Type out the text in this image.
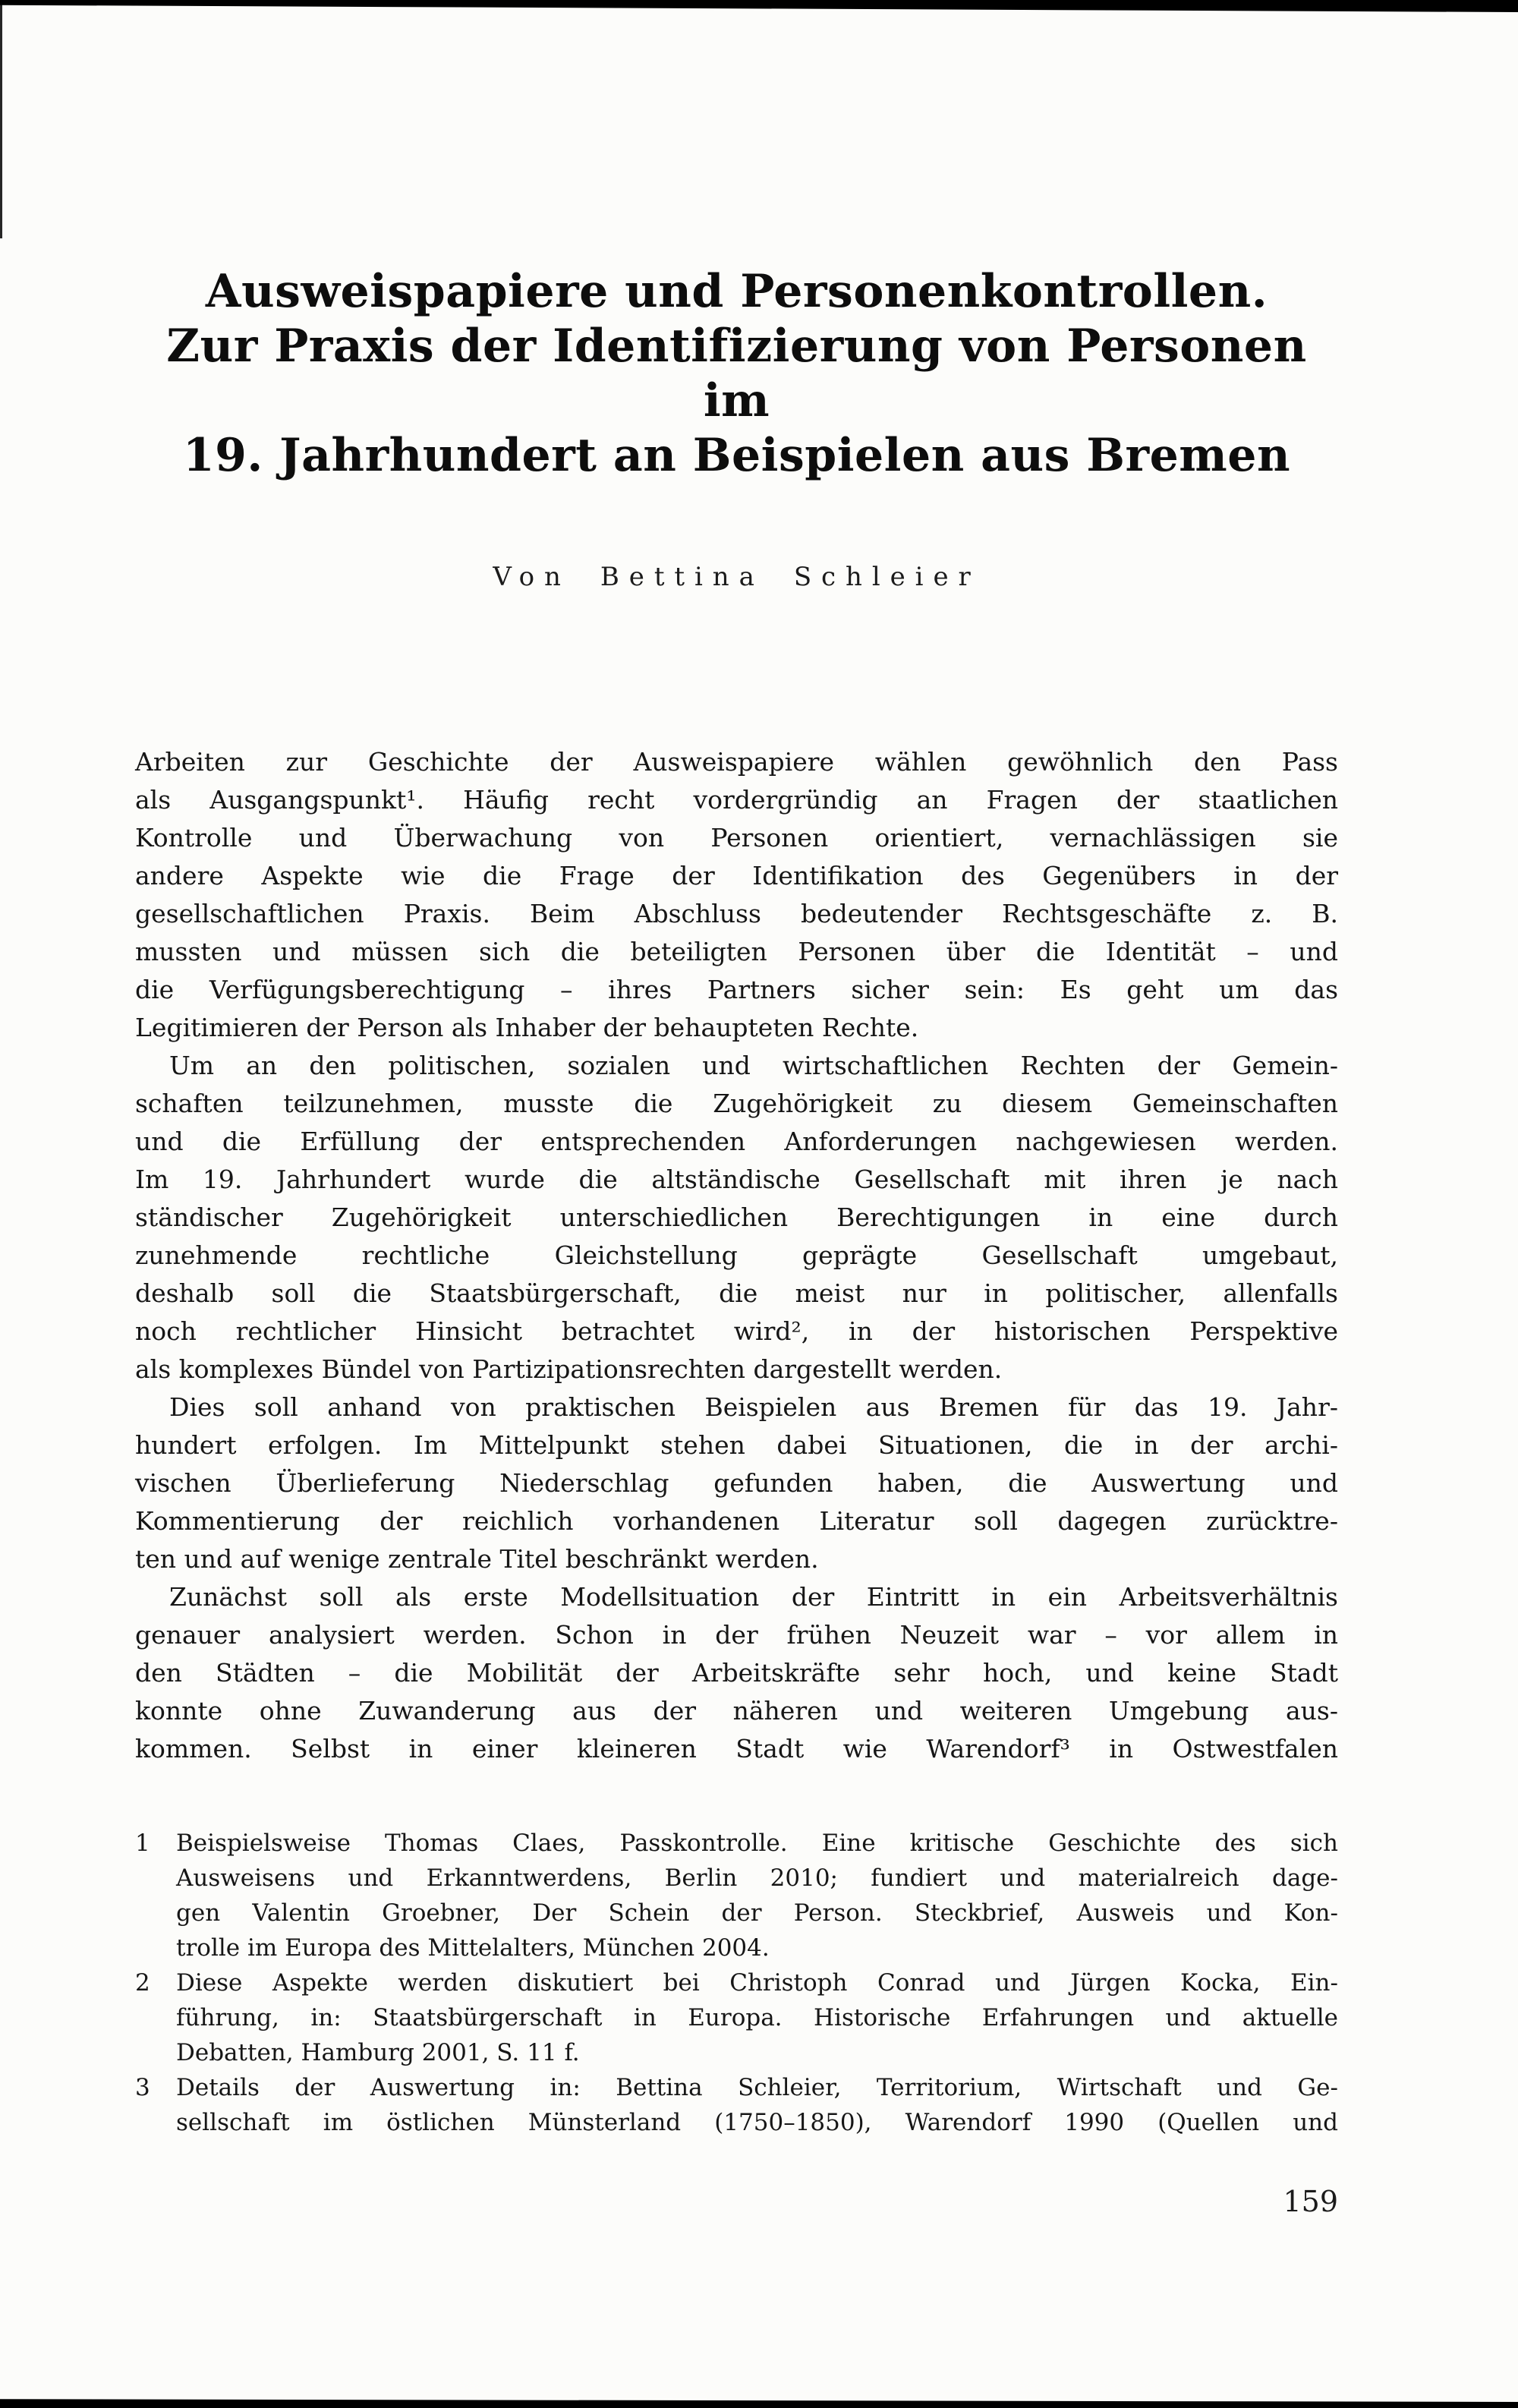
Ausweispapiere und Personenkontrollen.
Zur Praxis der Identifizierung von Personen im
19. Jahrhundert an Beispielen aus Bremen
Von Bettina Schleier
Arbeiten zur Geschichte der Ausweispapiere wählen gewöhnlich den Pass
als Ausgangspunkt¹. Häufig recht vordergründig an Fragen der staatlichen
Kontrolle und Überwachung von Personen orientiert, vernachlässigen sie
andere Aspekte wie die Frage der Identifikation des Gegenübers in der
gesellschaftlichen Praxis. Beim Abschluss bedeutender Rechtsgeschäfte z. B.
mussten und müssen sich die beteiligten Personen über die Identität – und
die Verfügungsberechtigung – ihres Partners sicher sein: Es geht um das
Legitimieren der Person als Inhaber der behaupteten Rechte.
Um an den politischen, sozialen und wirtschaftlichen Rechten der Gemein-
schaften teilzunehmen, musste die Zugehörigkeit zu diesem Gemeinschaften
und die Erfüllung der entsprechenden Anforderungen nachgewiesen werden.
Im 19. Jahrhundert wurde die altständische Gesellschaft mit ihren je nach
ständischer Zugehörigkeit unterschiedlichen Berechtigungen in eine durch
zunehmende rechtliche Gleichstellung geprägte Gesellschaft umgebaut,
deshalb soll die Staatsbürgerschaft, die meist nur in politischer, allenfalls
noch rechtlicher Hinsicht betrachtet wird², in der historischen Perspektive
als komplexes Bündel von Partizipationsrechten dargestellt werden.
Dies soll anhand von praktischen Beispielen aus Bremen für das 19. Jahr-
hundert erfolgen. Im Mittelpunkt stehen dabei Situationen, die in der archi-
vischen Überlieferung Niederschlag gefunden haben, die Auswertung und
Kommentierung der reichlich vorhandenen Literatur soll dagegen zurücktre-
ten und auf wenige zentrale Titel beschränkt werden.
Zunächst soll als erste Modellsituation der Eintritt in ein Arbeitsverhältnis
genauer analysiert werden. Schon in der frühen Neuzeit war – vor allem in
den Städten – die Mobilität der Arbeitskräfte sehr hoch, und keine Stadt
konnte ohne Zuwanderung aus der näheren und weiteren Umgebung aus-
kommen. Selbst in einer kleineren Stadt wie Warendorf³ in Ostwestfalen
1	Beispielsweise Thomas Claes, Passkontrolle. Eine kritische Geschichte des sich
Ausweisens und Erkanntwerdens, Berlin 2010; fundiert und materialreich dage-
gen Valentin Groebner, Der Schein der Person. Steckbrief, Ausweis und Kon-
trolle im Europa des Mittelalters, München 2004.
2	Diese Aspekte werden diskutiert bei Christoph Conrad und Jürgen Kocka, Ein-
führung, in: Staatsbürgerschaft in Europa. Historische Erfahrungen und aktuelle
Debatten, Hamburg 2001, S. 11 f.
3	Details der Auswertung in: Bettina Schleier, Territorium, Wirtschaft und Ge-
sellschaft im östlichen Münsterland (1750–1850), Warendorf 1990 (Quellen und
159
